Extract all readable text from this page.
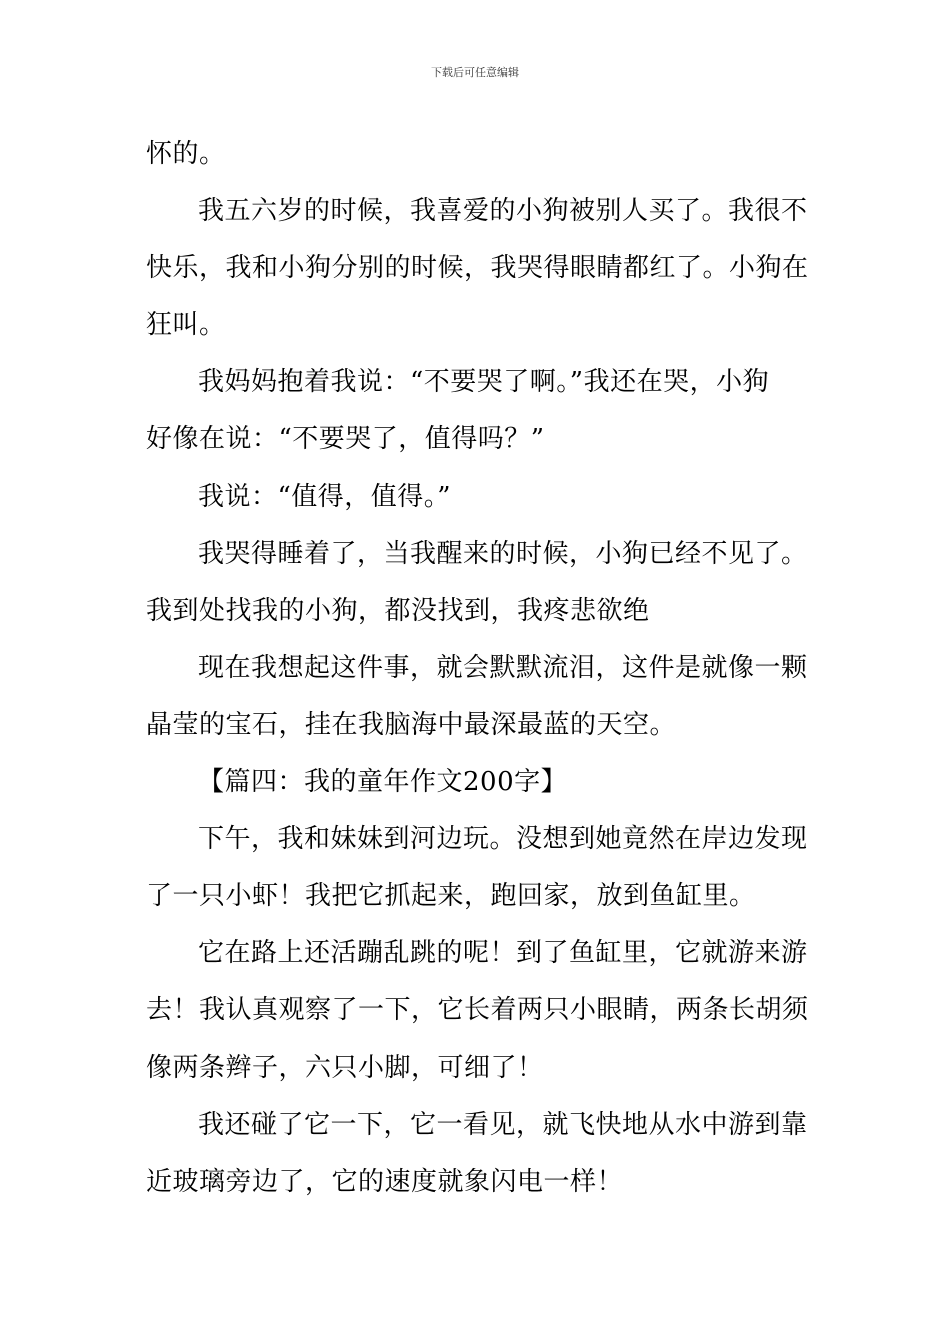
下载后可任意编辑
怀的。
我五六岁的时候，我喜爱的小狗被别人买了。我很不
快乐，我和小狗分别的时候，我哭得眼睛都红了。小狗在
狂叫。
我妈妈抱着我说：“不要哭了啊。”我还在哭，小狗
好像在说：“不要哭了，值得吗？”
我说：“值得，值得。”
我哭得睡着了，当我醒来的时候，小狗已经不见了。
我到处找我的小狗，都没找到，我疼悲欲绝
现在我想起这件事，就会默默流泪，这件是就像一颗
晶莹的宝石，挂在我脑海中最深最蓝的天空。
【篇四：我的童年作文200字】
下午，我和妹妹到河边玩。没想到她竟然在岸边发现
了一只小虾！我把它抓起来，跑回家，放到鱼缸里。
它在路上还活蹦乱跳的呢！到了鱼缸里，它就游来游
去！我认真观察了一下，它长着两只小眼睛，两条长胡须
像两条辫子，六只小脚，可细了！
我还碰了它一下，它一看见，就飞快地从水中游到靠
近玻璃旁边了，它的速度就象闪电一样！
